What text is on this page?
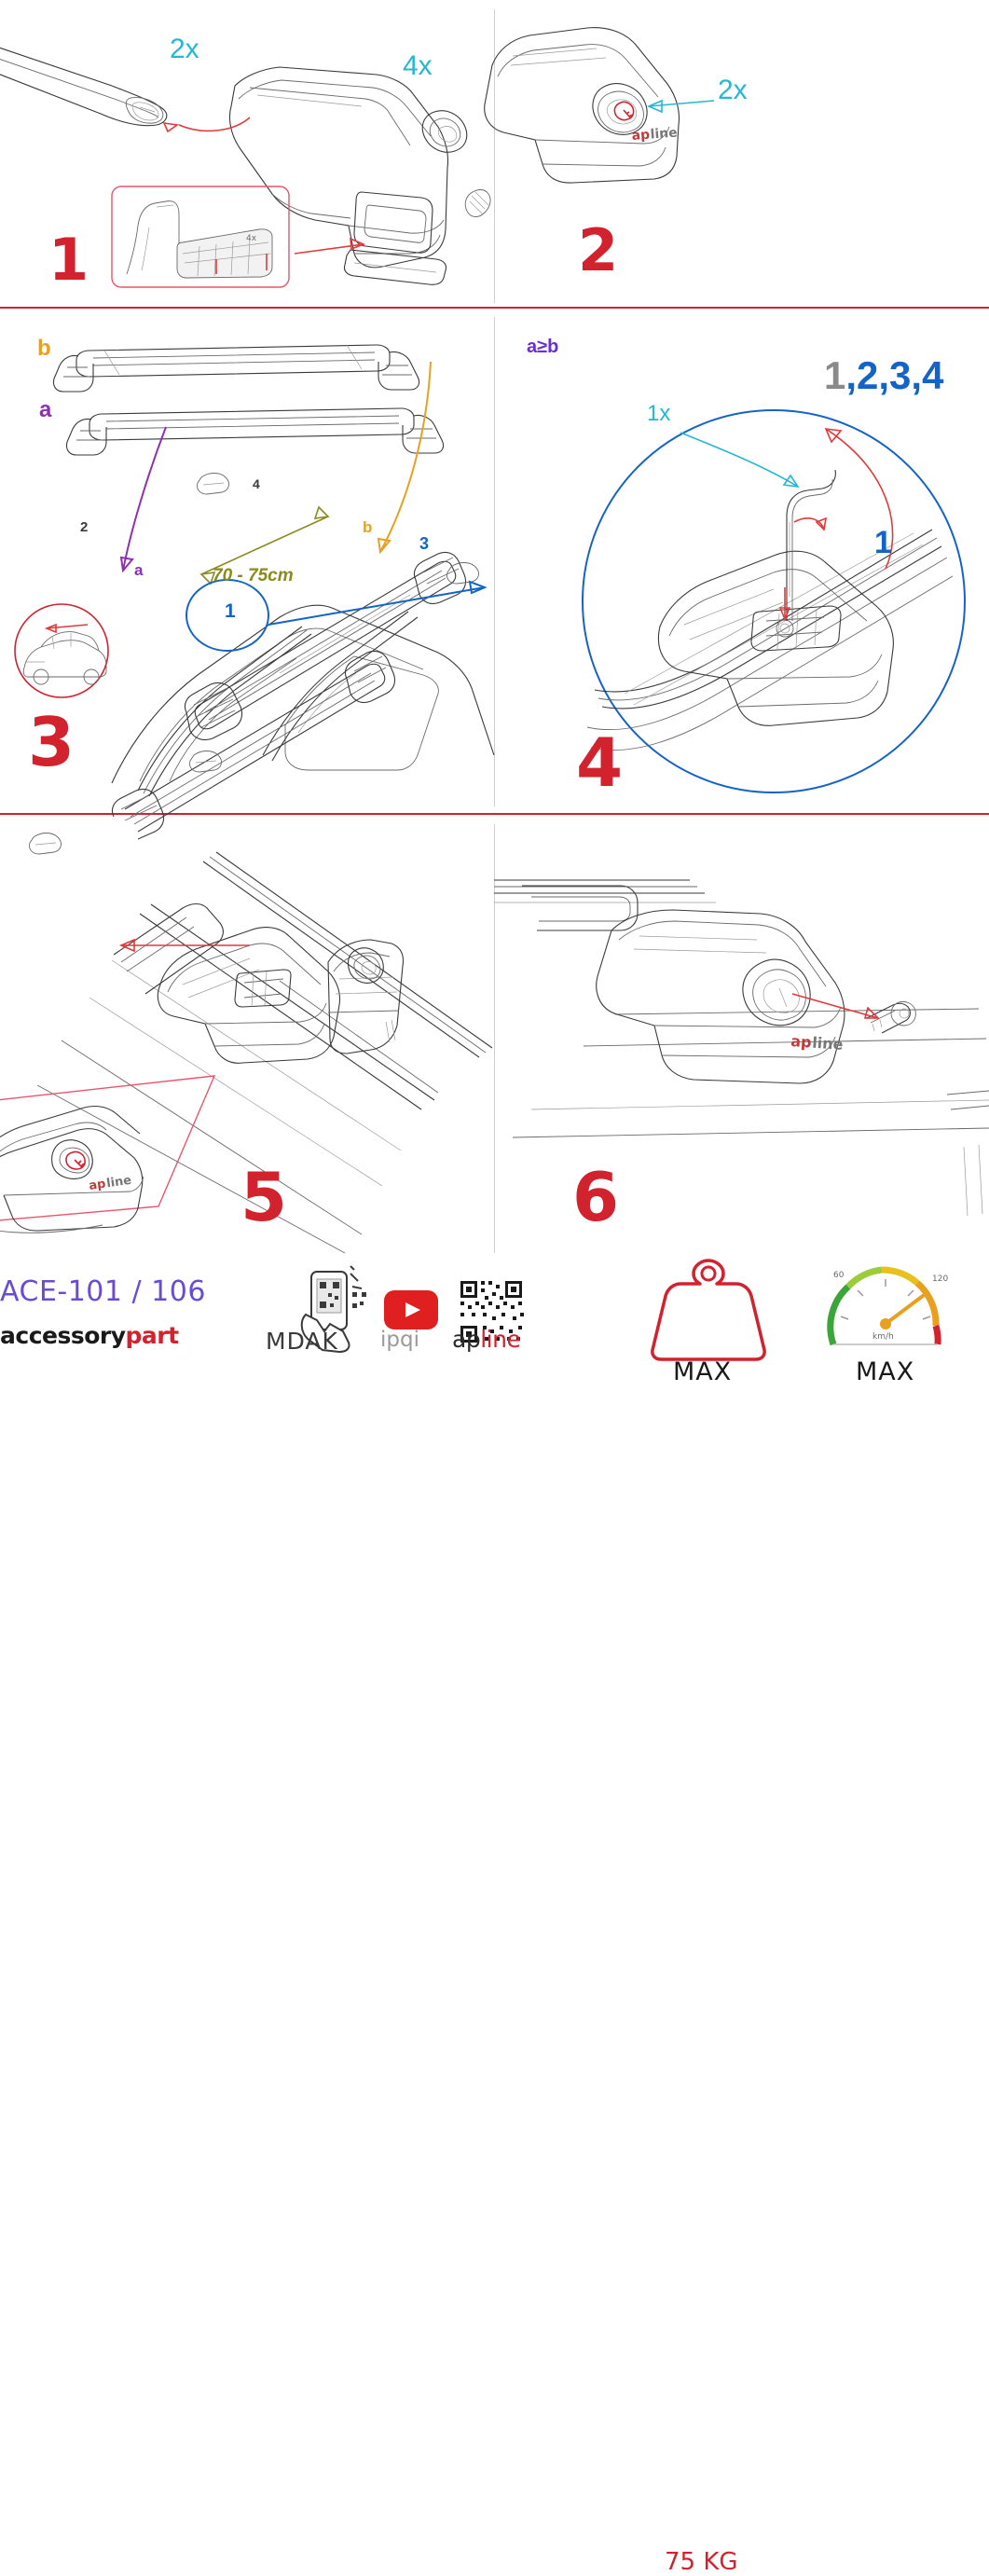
4x
1
2x
4x
ap line
2
2x
3
b
a
a
b
70 - 75cm
1
2
3
4
4
a≥b
1x
1
1,2,3,4
ap
line 5
ap line
6
ACE-101 / 106
accessorypart	MDAK ipqi apline
75 KG
MAX
60	120
km/h
MAX
